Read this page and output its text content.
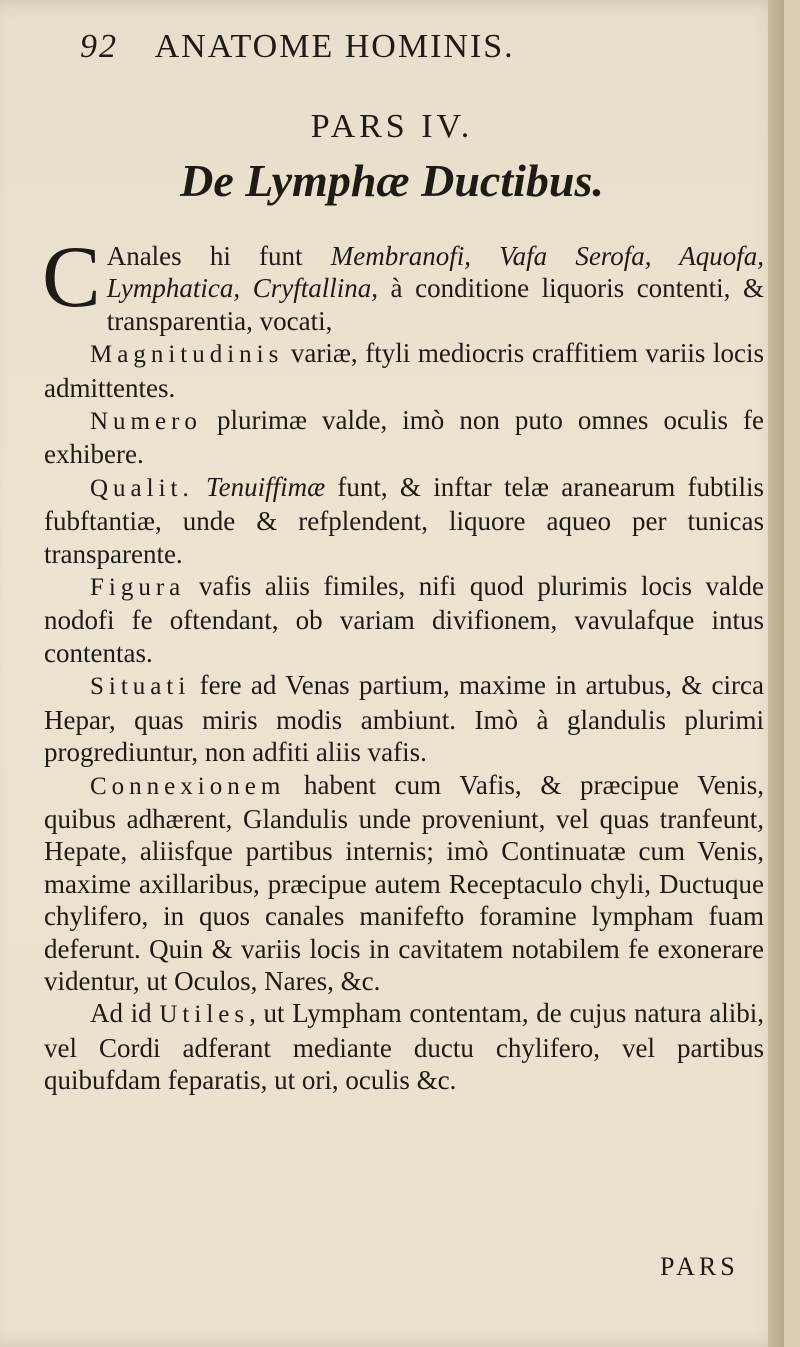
92 ANATOME HOMINIS.
PARS IV.
De Lymphæ Ductibus.

C Anales hi funt Membranofi, Vafa Serofa, Aquofa, Lymphatica, Cryftallina, à conditione liquoris contenti, & transparentia, vocati,

Magnitudinis variæ, ftyli mediocris craffitiem variis locis admittentes.

Numero plurimæ valde, imò non puto omnes oculis fe exhibere.

Qualit. Tenuiffimæ funt, & inftar telæ aranearum fubtilis fubftantiæ, unde & refplendent, liquore aqueo per tunicas transparente.

Figura vafis aliis fimiles, nifi quod plurimis locis valde nodofi fe oftendant, ob variam divifionem, vavulafque intus contentas.

Situati fere ad Venas partium, maxime in artubus, & circa Hepar, quas miris modis ambiunt. Imò à glandulis plurimi progrediuntur, non adfiti aliis vafis.

Connexionem habent cum Vafis, & præcipue Venis, quibus adhærent, Glandulis unde proveniunt, vel quas tranfeunt, Hepate, aliisfque partibus internis; imò Continuatæ cum Venis, maxime axillaribus, præcipue autem Receptaculo chyli, Ductuque chylifero, in quos canales manifefto foramine lympham fuam deferunt. Quin & variis locis in cavitatem notabilem fe exonerare videntur, ut Oculos, Nares, &c.

Ad id Utiles, ut Lympham contentam, de cujus natura alibi, vel Cordi adferant mediante ductu chylifero, vel partibus quibufdam feparatis, ut ori, oculis &c.

PARS
